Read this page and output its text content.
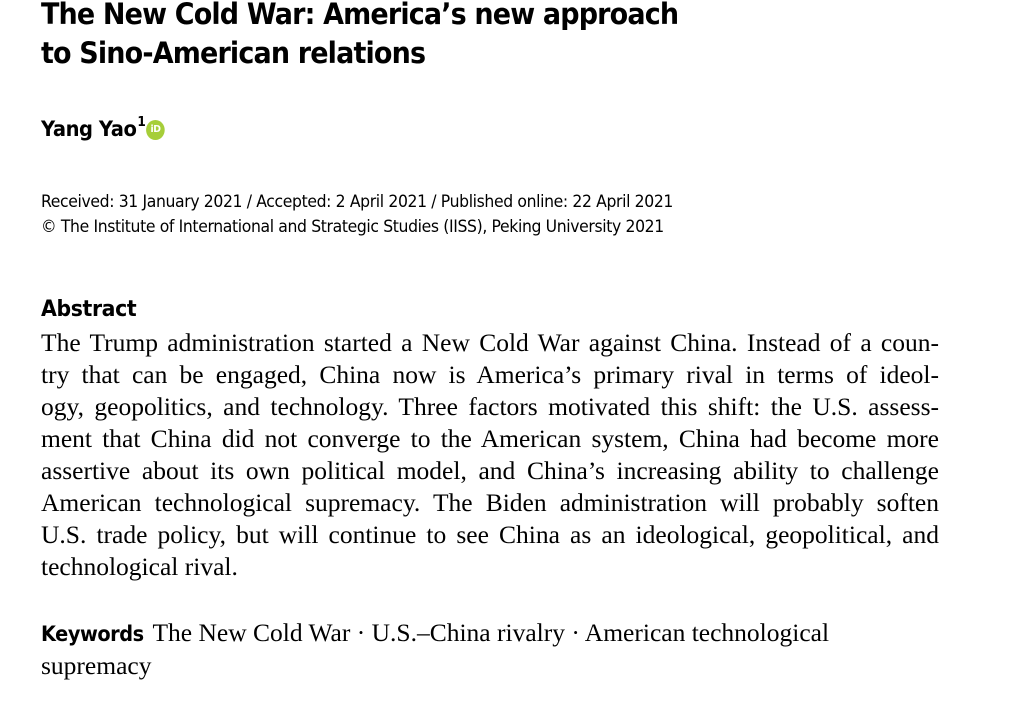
The New Cold War: America’s new approach
to Sino-American relations
Yang Yao$^1$ iD
Received: 31 January 2021 / Accepted: 2 April 2021 / Published online: 22 April 2021
© The Institute of International and Strategic Studies (IISS), Peking University 2021
Abstract
The Trump administration started a New Cold War against China. Instead of a coun-
try that can be engaged, China now is America’s primary rival in terms of ideol-
ogy, geopolitics, and technology. Three factors motivated this shift: the U.S. assess-
ment that China did not converge to the American system, China had become more
assertive about its own political model, and China’s increasing ability to challenge
American technological supremacy. The Biden administration will probably soften
U.S. trade policy, but will continue to see China as an ideological, geopolitical, and
technological rival.
Keywords The New Cold War · U.S.–China rivalry · American technological supremacy
